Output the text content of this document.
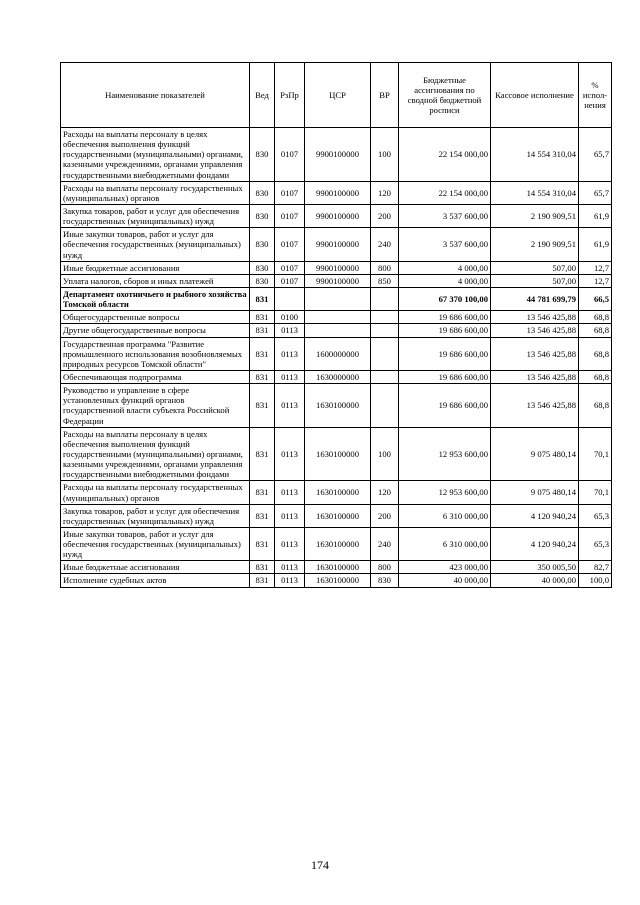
Наименование показателей	Вед	РзПр	ЦСР	ВР	Бюджетные ассигнования по сводной бюджетной росписи	Кассовое исполнение	% испол-нения
Расходы на выплаты персоналу в целях обеспечения выполнения функций государственными (муниципальными) органами, казенными учреждениями, органами управления государственными внебюджетными фондами	830	0107	9900100000	100	22 154 000,00	14 554 310,04	65,7
Расходы на выплаты персоналу государственных (муниципальных) органов	830	0107	9900100000	120	22 154 000,00	14 554 310,04	65,7
Закупка товаров, работ и услуг для обеспечения государственных (муниципальных) нужд	830	0107	9900100000	200	3 537 600,00	2 190 909,51	61,9
Иные закупки товаров, работ и услуг для обеспечения государственных (муниципальных) нужд	830	0107	9900100000	240	3 537 600,00	2 190 909,51	61,9
Иные бюджетные ассигнования	830	0107	9900100000	800	4 000,00	507,00	12,7
Уплата налогов, сборов и иных платежей	830	0107	9900100000	850	4 000,00	507,00	12,7
Департамент охотничьего и рыбного хозяйства Томской области	831				67 370 100,00	44 781 699,79	66,5
Общегосударственные вопросы	831	0100			19 686 600,00	13 546 425,88	68,8
Другие общегосударственные вопросы	831	0113			19 686 600,00	13 546 425,88	68,8
Государственная программа "Развитие промышленного использования возобновляемых природных ресурсов Томской области"	831	0113	1600000000		19 686 600,00	13 546 425,88	68,8
Обеспечивающая подпрограмма	831	0113	1630000000		19 686 600,00	13 546 425,88	68,8
Руководство и управление в сфере установленных функций органов государственной власти субъекта Российской Федерации	831	0113	1630100000		19 686 600,00	13 546 425,88	68,8
Расходы на выплаты персоналу в целях обеспечения выполнения функций государственными (муниципальными) органами, казенными учреждениями, органами управления государственными внебюджетными фондами	831	0113	1630100000	100	12 953 600,00	9 075 480,14	70,1
Расходы на выплаты персоналу государственных (муниципальных) органов	831	0113	1630100000	120	12 953 600,00	9 075 480,14	70,1
Закупка товаров, работ и услуг для обеспечения государственных (муниципальных) нужд	831	0113	1630100000	200	6 310 000,00	4 120 940,24	65,3
Иные закупки товаров, работ и услуг для обеспечения государственных (муниципальных) нужд	831	0113	1630100000	240	6 310 000,00	4 120 940,24	65,3
Иные бюджетные ассигнования	831	0113	1630100000	800	423 000,00	350 005,50	82,7
Исполнение судебных актов	831	0113	1630100000	830	40 000,00	40 000,00	100,0
174
